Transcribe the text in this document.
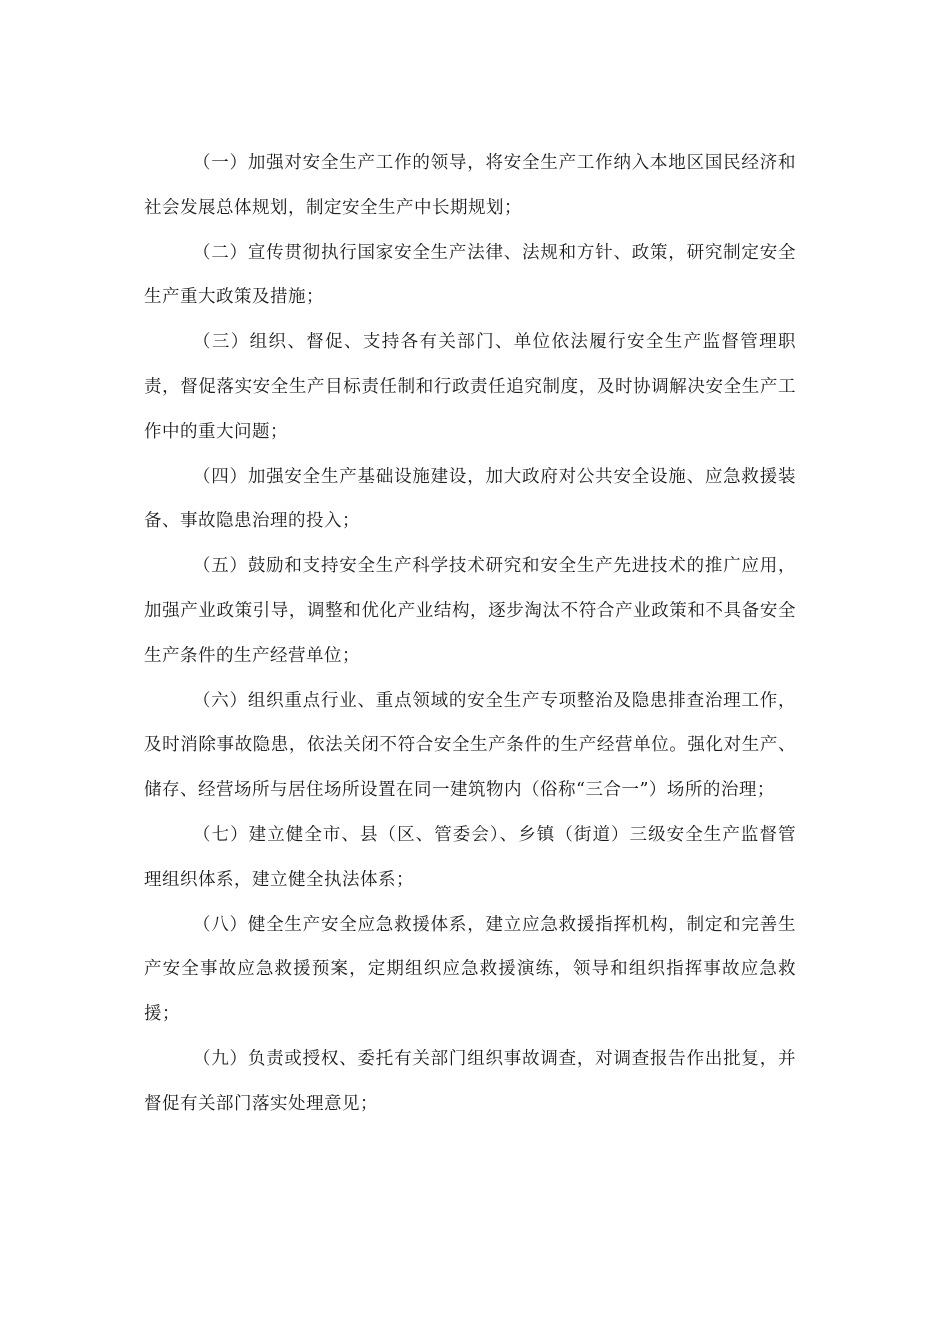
（一）加强对安全生产工作的领导，将安全生产工作纳入本地区国民经济和社会发展总体规划，制定安全生产中长期规划；

（二）宣传贯彻执行国家安全生产法律、法规和方针、政策，研究制定安全生产重大政策及措施；

（三）组织、督促、支持各有关部门、单位依法履行安全生产监督管理职责，督促落实安全生产目标责任制和行政责任追究制度，及时协调解决安全生产工作中的重大问题；

（四）加强安全生产基础设施建设，加大政府对公共安全设施、应急救援装备、事故隐患治理的投入；

（五）鼓励和支持安全生产科学技术研究和安全生产先进技术的推广应用，加强产业政策引导，调整和优化产业结构，逐步淘汰不符合产业政策和不具备安全生产条件的生产经营单位；

（六）组织重点行业、重点领域的安全生产专项整治及隐患排查治理工作，及时消除事故隐患，依法关闭不符合安全生产条件的生产经营单位。强化对生产、储存、经营场所与居住场所设置在同一建筑物内（俗称“三合一”）场所的治理；

（七）建立健全市、县（区、管委会）、乡镇（街道）三级安全生产监督管理组织体系，建立健全执法体系；

（八）健全生产安全应急救援体系，建立应急救援指挥机构，制定和完善生产安全事故应急救援预案，定期组织应急救援演练，领导和组织指挥事故应急救援；

（九）负责或授权、委托有关部门组织事故调查，对调查报告作出批复，并督促有关部门落实处理意见；
